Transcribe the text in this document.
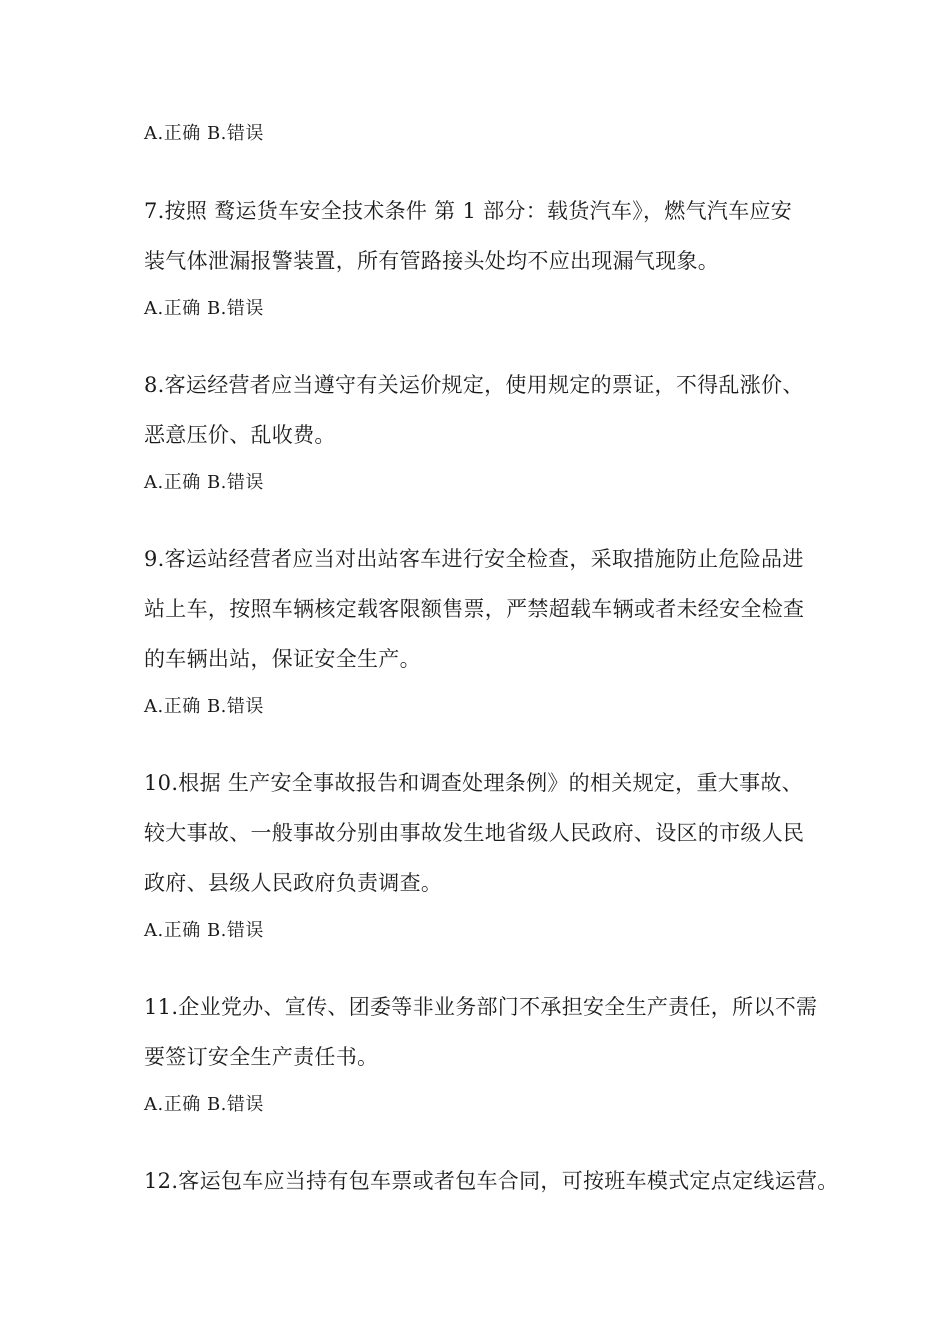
A.正确 B.错误
7.按照 鹜运货车安全技术条件 第 1 部分：载货汽车》，燃气汽车应安
装气体泄漏报警装置，所有管路接头处均不应出现漏气现象。
A.正确 B.错误
8.客运经营者应当遵守有关运价规定，使用规定的票证，不得乱涨价、
恶意压价、乱收费。
A.正确 B.错误
9.客运站经营者应当对出站客车进行安全检查，采取措施防止危险品进
站上车，按照车辆核定载客限额售票，严禁超载车辆或者未经安全检查
的车辆出站，保证安全生产。
A.正确 B.错误
10.根据 生产安全事故报告和调查处理条例》的相关规定，重大事故、
较大事故、一般事故分别由事故发生地省级人民政府、设区的市级人民
政府、县级人民政府负责调查。
A.正确 B.错误
11.企业党办、宣传、团委等非业务部门不承担安全生产责任，所以不需
要签订安全生产责任书。
A.正确 B.错误
12.客运包车应当持有包车票或者包车合同，可按班车模式定点定线运营。
